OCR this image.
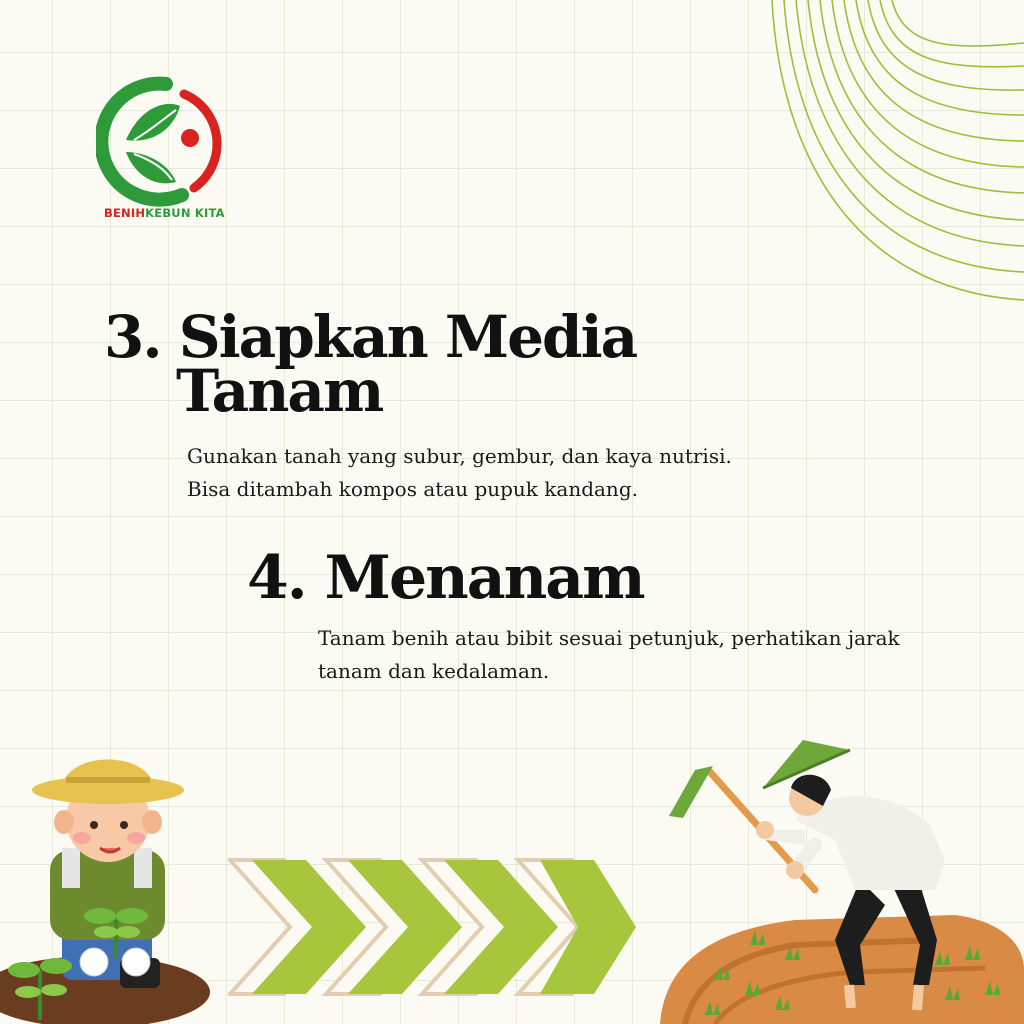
BENIHKEBUN KITA
3. Siapkan Media
Tanam
Gunakan tanah yang subur, gembur, dan kaya nutrisi.
Bisa ditambah kompos atau pupuk kandang.
4. Menanam
Tanam benih atau bibit sesuai petunjuk, perhatikan jarak
tanam dan kedalaman.
